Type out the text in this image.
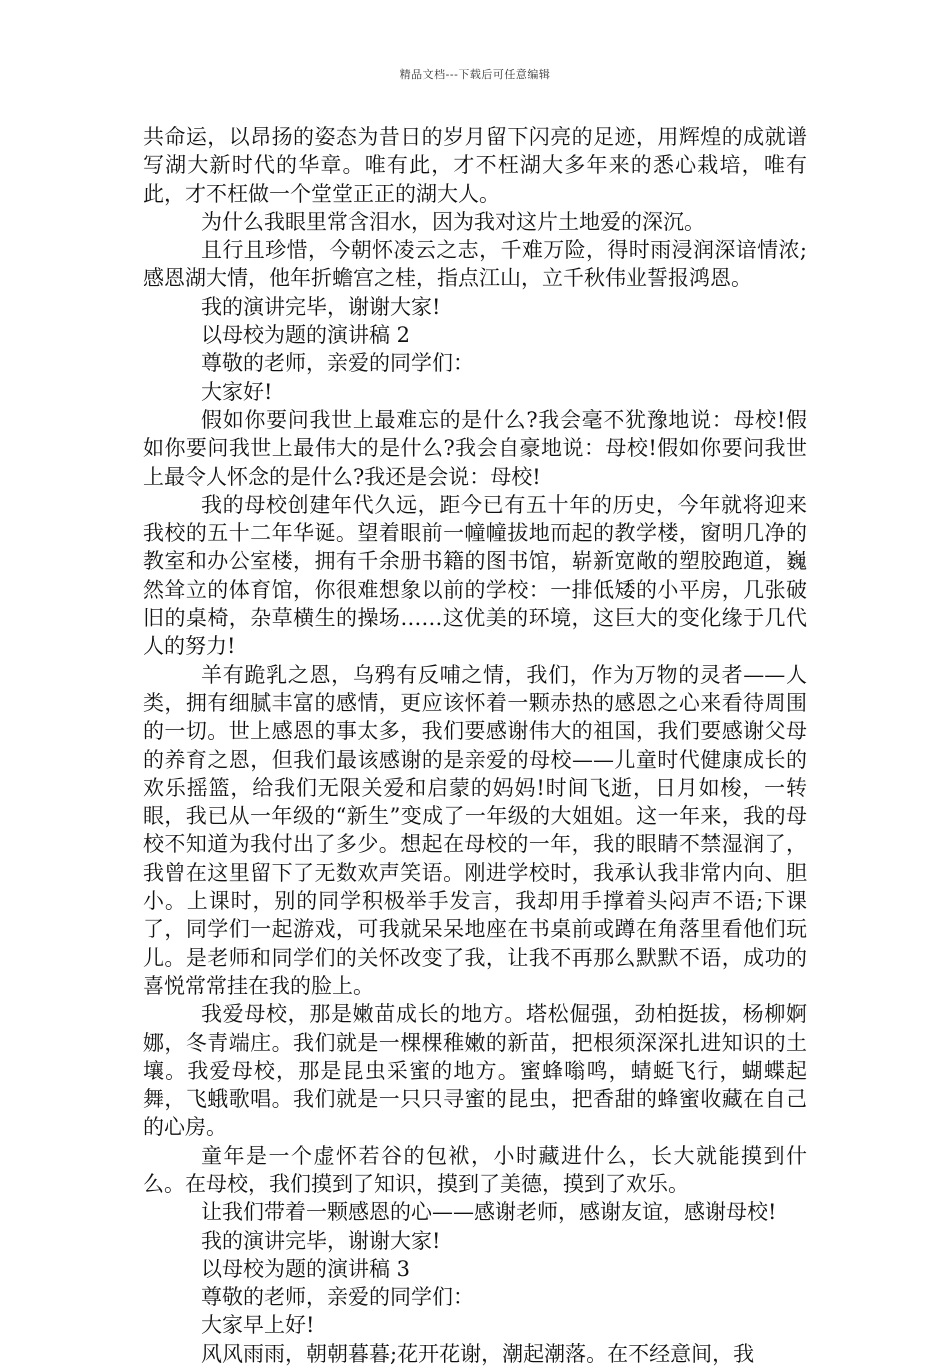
精品文档---下载后可任意编辑

共命运，以昂扬的姿态为昔日的岁月留下闪亮的足迹，用辉煌的成就谱写湖大新时代的华章。唯有此，才不枉湖大多年来的悉心栽培，唯有此，才不枉做一个堂堂正正的湖大人。

为什么我眼里常含泪水，因为我对这片土地爱的深沉。

且行且珍惜，今朝怀凌云之志，千难万险，得时雨浸润深谙情浓;感恩湖大情，他年折蟾宫之桂，指点江山，立千秋伟业誓报鸿恩。

我的演讲完毕，谢谢大家!

以母校为题的演讲稿 2

尊敬的老师，亲爱的同学们：

大家好!

假如你要问我世上最难忘的是什么?我会毫不犹豫地说：母校!假如你要问我世上最伟大的是什么?我会自豪地说：母校!假如你要问我世上最令人怀念的是什么?我还是会说：母校!

我的母校创建年代久远，距今已有五十年的历史，今年就将迎来我校的五十二年华诞。望着眼前一幢幢拔地而起的教学楼，窗明几净的教室和办公室楼，拥有千余册书籍的图书馆，崭新宽敞的塑胶跑道，巍然耸立的体育馆，你很难想象以前的学校：一排低矮的小平房，几张破旧的桌椅，杂草横生的操场……这优美的环境，这巨大的变化缘于几代人的努力!

羊有跪乳之恩，乌鸦有反哺之情，我们，作为万物的灵者——人类，拥有细腻丰富的感情，更应该怀着一颗赤热的感恩之心来看待周围的一切。世上感恩的事太多，我们要感谢伟大的祖国，我们要感谢父母的养育之恩，但我们最该感谢的是亲爱的母校——儿童时代健康成长的欢乐摇篮，给我们无限关爱和启蒙的妈妈!时间飞逝，日月如梭，一转眼，我已从一年级的“新生”变成了一年级的大姐姐。这一年来，我的母校不知道为我付出了多少。想起在母校的一年，我的眼睛不禁湿润了，我曾在这里留下了无数欢声笑语。刚进学校时，我承认我非常内向、胆小。上课时，别的同学积极举手发言，我却用手撑着头闷声不语;下课了，同学们一起游戏，可我就呆呆地座在书桌前或蹲在角落里看他们玩儿。是老师和同学们的关怀改变了我，让我不再那么默默不语，成功的喜悦常常挂在我的脸上。

我爱母校，那是嫩苗成长的地方。塔松倔强，劲柏挺拔，杨柳婀娜，冬青端庄。我们就是一棵棵稚嫩的新苗，把根须深深扎进知识的土壤。我爱母校，那是昆虫采蜜的地方。蜜蜂嗡鸣，蜻蜓飞行，蝴蝶起舞，飞蛾歌唱。我们就是一只只寻蜜的昆虫，把香甜的蜂蜜收藏在自己的心房。

童年是一个虚怀若谷的包袱，小时藏进什么，长大就能摸到什么。在母校，我们摸到了知识，摸到了美德，摸到了欢乐。

让我们带着一颗感恩的心——感谢老师，感谢友谊，感谢母校!

我的演讲完毕，谢谢大家!

以母校为题的演讲稿 3

尊敬的老师，亲爱的同学们：

大家早上好!

风风雨雨，朝朝暮暮;花开花谢，潮起潮落。在不经意间，我
